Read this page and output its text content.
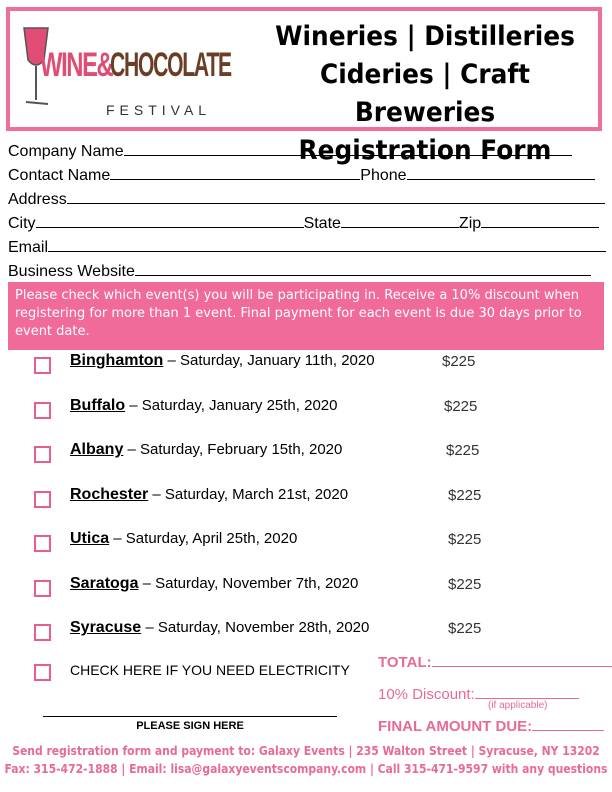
WINE&
CHOCOLATE
FESTIVAL
Wineries | Distilleries
Cideries | Craft Breweries
Registration Form
Company Name
Contact Name	Phone
Address
City	State	Zip
Email
Business Website
Please check which event(s) you will be participating in. Receive a 10% discount when registering for more than 1 event. Final payment for each event is due 30 days prior to event date.
Binghamton – Saturday, January 11th, 2020	$225
Buffalo – Saturday, January 25th, 2020	$225
Albany – Saturday, February 15th, 2020	$225
Rochester – Saturday, March 21st, 2020	$225
Utica – Saturday, April 25th, 2020	$225
Saratoga – Saturday, November 7th, 2020	$225
Syracuse – Saturday, November 28th, 2020	$225
CHECK HERE IF YOU NEED ELECTRICITY
PLEASE SIGN HERE
TOTAL:
10% Discount:
(if applicable)
FINAL AMOUNT DUE:
Send registration form and payment to: Galaxy Events | 235 Walton Street | Syracuse, NY 13202
Fax: 315-472-1888 | Email: lisa@galaxyeventscompany.com | Call 315-471-9597 with any questions
